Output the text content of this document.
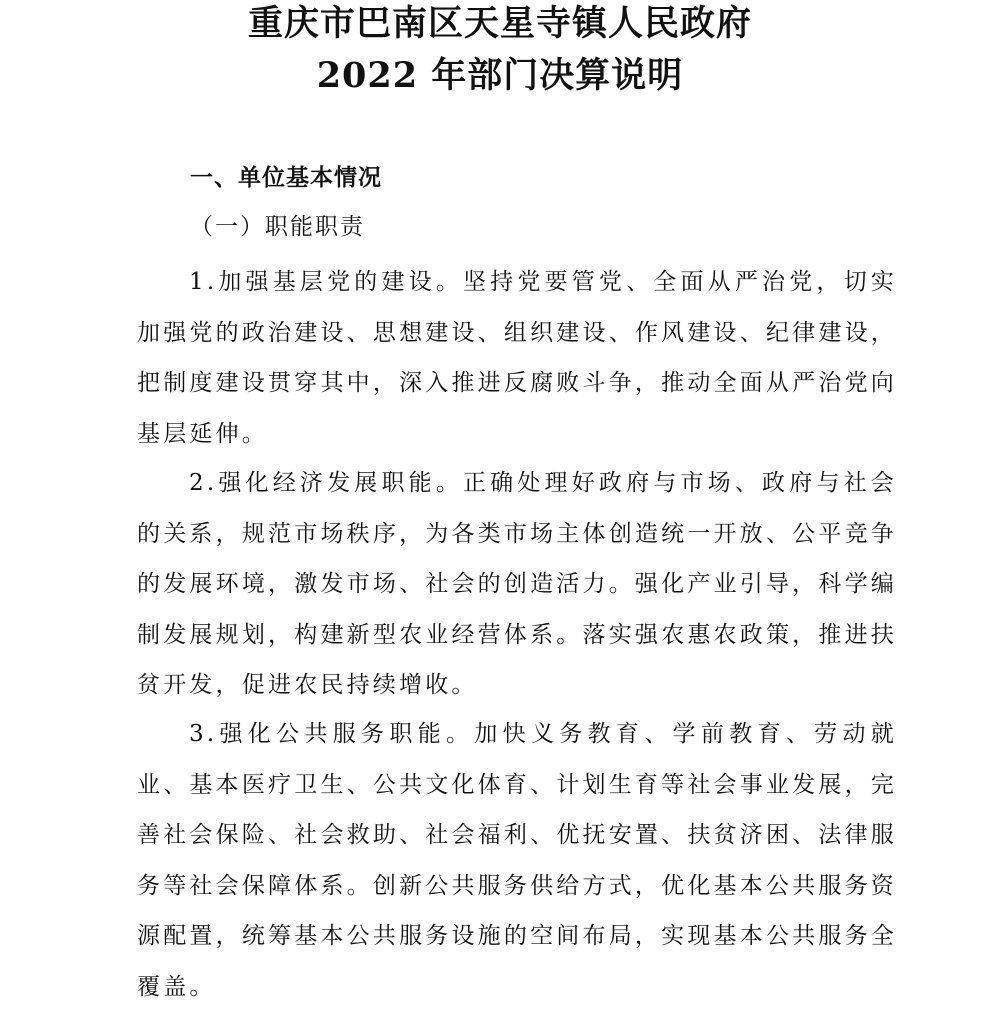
重庆市巴南区天星寺镇人民政府
2022 年部门决算说明
一、单位基本情况
（一）职能职责

1.加强基层党的建设。坚持党要管党、全面从严治党，切实加强党的政治建设、思想建设、组织建设、作风建设、纪律建设，把制度建设贯穿其中，深入推进反腐败斗争，推动全面从严治党向基层延伸。

2.强化经济发展职能。正确处理好政府与市场、政府与社会的关系，规范市场秩序，为各类市场主体创造统一开放、公平竞争的发展环境，激发市场、社会的创造活力。强化产业引导，科学编制发展规划，构建新型农业经营体系。落实强农惠农政策，推进扶贫开发，促进农民持续增收。

3.强化公共服务职能。加快义务教育、学前教育、劳动就业、基本医疗卫生、公共文化体育、计划生育等社会事业发展，完善社会保险、社会救助、社会福利、优抚安置、扶贫济困、法律服务等社会保障体系。创新公共服务供给方式，优化基本公共服务资源配置，统筹基本公共服务设施的空间布局，实现基本公共服务全覆盖。
